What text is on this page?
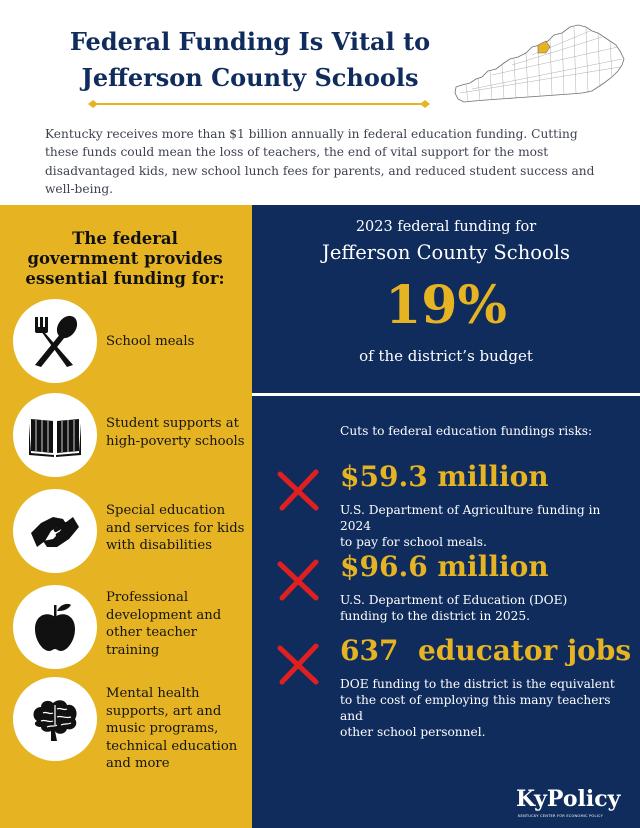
Federal Funding Is Vital to
Jefferson County Schools

Kentucky receives more than $1 billion annually in federal education funding. Cutting these funds could mean the loss of teachers, the end of vital support for the most disadvantaged kids, new school lunch fees for parents, and reduced student success and well-being.

The federal
government provides
essential funding for:
School meals
Student supports at
high-poverty schools
Special education
and services for kids
with disabilities
Professional
development and
other teacher
training
Mental health
supports, art and
music programs,
technical education
and more
2023 federal funding for
Jefferson County Schools
19%
of the district’s budget
Cuts to federal education fundings risks:
$59.3 million
U.S. Department of Agriculture funding in 2024
to pay for school meals.
$96.6 million
U.S. Department of Education (DOE)
funding to the district in 2025.
637  educator jobs
DOE funding to the district is the equivalent
to the cost of employing this many teachers and
other school personnel.
KyPolicy
KENTUCKY CENTER FOR ECONOMIC POLICY
